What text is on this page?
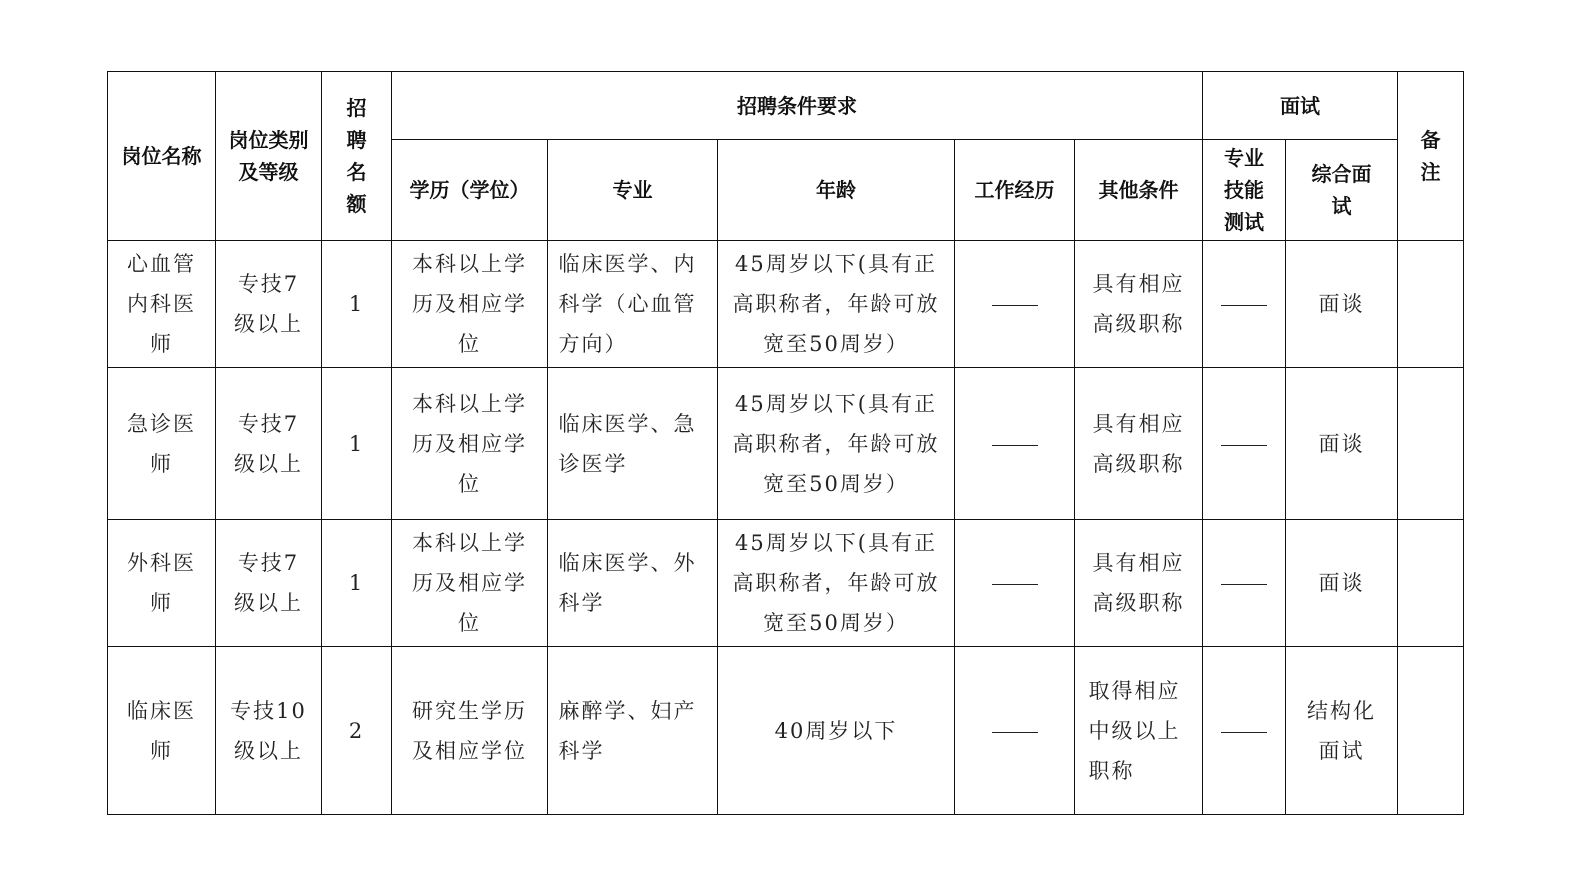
岗位名称	岗位类别及等级	招聘名额	招聘条件要求					面试		备注

			学历（学位）	专业	年龄	工作经历	其他条件	专业技能测试	综合面试	

心血管内科医师	专技7级以上	1	本科以上学历及相应学位	临床医学、内科学（心血管方向）	45周岁以下(具有正高职称者，年龄可放宽至50周岁）		具有相应高级职称		面谈	

急诊医师	专技7级以上	1	本科以上学历及相应学位	临床医学、急诊医学	45周岁以下(具有正高职称者，年龄可放宽至50周岁）		具有相应高级职称		面谈	

外科医师	专技7级以上	1	本科以上学历及相应学位	临床医学、外科学	45周岁以下(具有正高职称者，年龄可放宽至50周岁）		具有相应高级职称		面谈	

临床医师	专技10级以上	2	研究生学历及相应学位	麻醉学、妇产科学	40周岁以下		取得相应中级以上职称		结构化面试	
